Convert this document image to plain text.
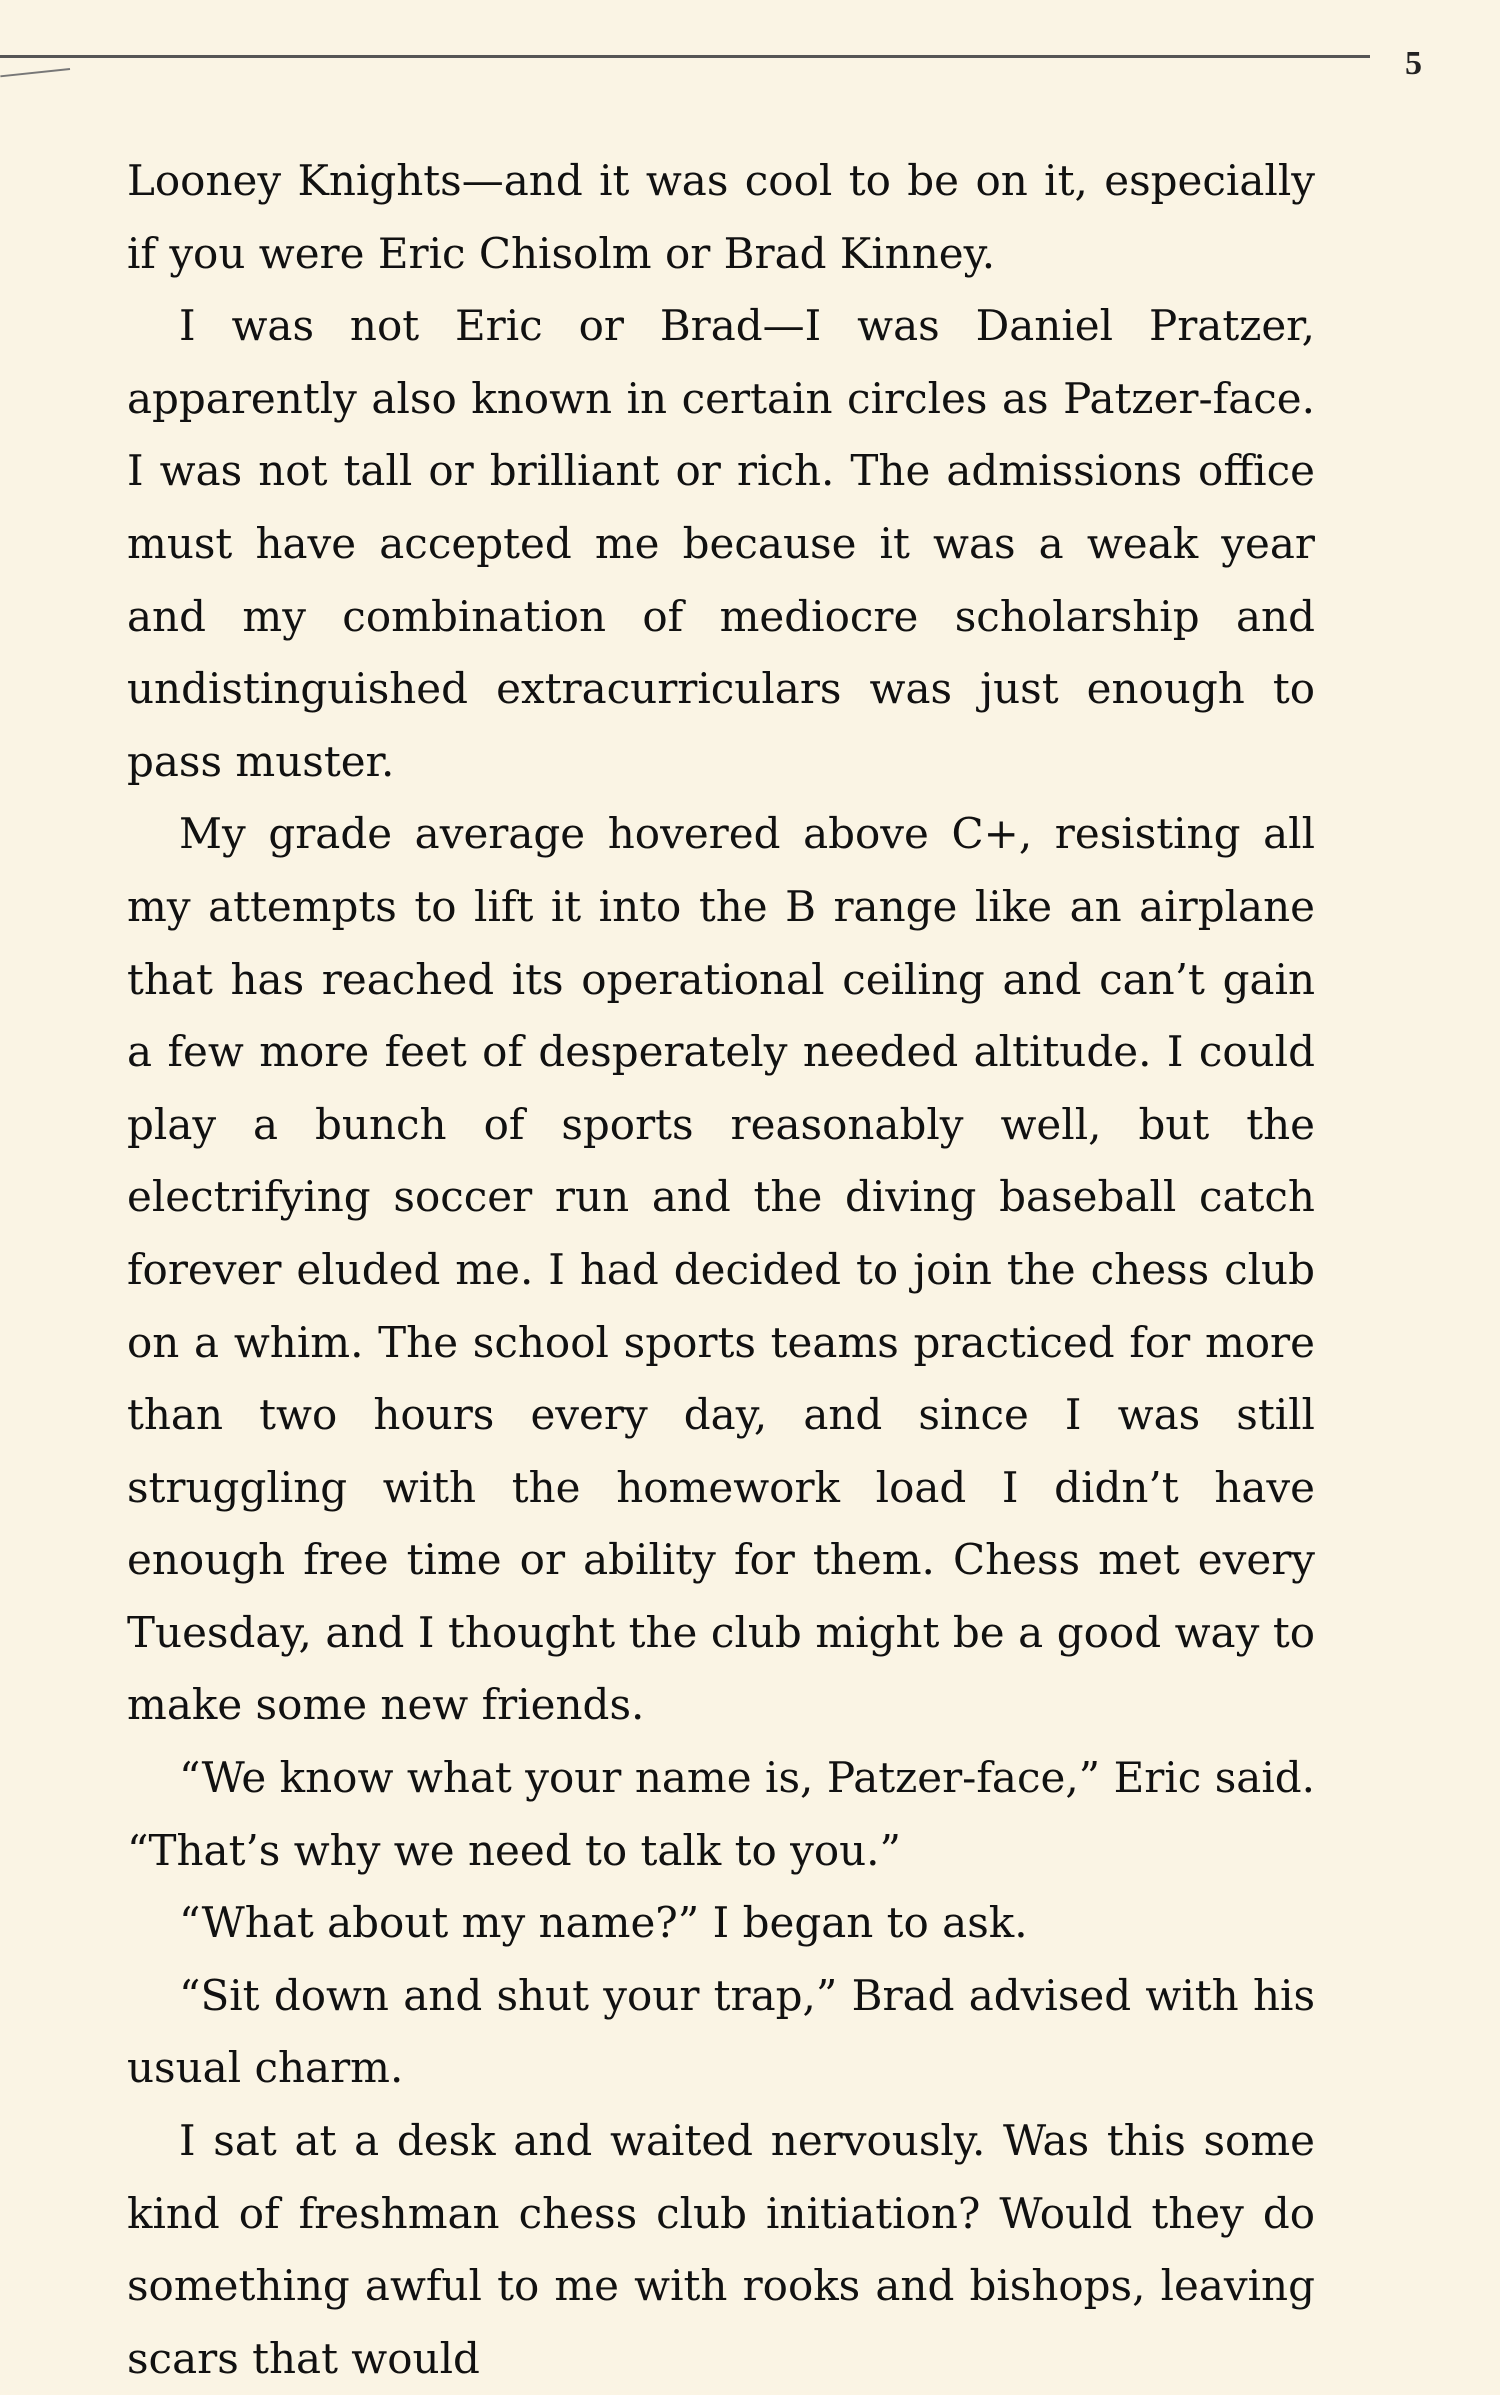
5

Looney Knights—and it was cool to be on it, especially if you were Eric Chisolm or Brad Kinney.

I was not Eric or Brad—I was Daniel Pratzer, apparently also known in certain circles as Patzer-face. I was not tall or brilliant or rich. The admissions office must have accepted me because it was a weak year and my combination of mediocre scholarship and undistinguished extracurriculars was just enough to pass muster.

My grade average hovered above C+, resisting all my attempts to lift it into the B range like an airplane that has reached its operational ceiling and can’t gain a few more feet of desperately needed altitude. I could play a bunch of sports reasonably well, but the electrifying soccer run and the diving baseball catch forever eluded me. I had decided to join the chess club on a whim. The school sports teams practiced for more than two hours every day, and since I was still struggling with the homework load I didn’t have enough free time or ability for them. Chess met every Tuesday, and I thought the club might be a good way to make some new friends.

“We know what your name is, Patzer-face,” Eric said. “That’s why we need to talk to you.”

“What about my name?” I began to ask.

“Sit down and shut your trap,” Brad advised with his usual charm.

I sat at a desk and waited nervously. Was this some kind of freshman chess club initiation? Would they do something awful to me with rooks and bishops, leaving scars that would
